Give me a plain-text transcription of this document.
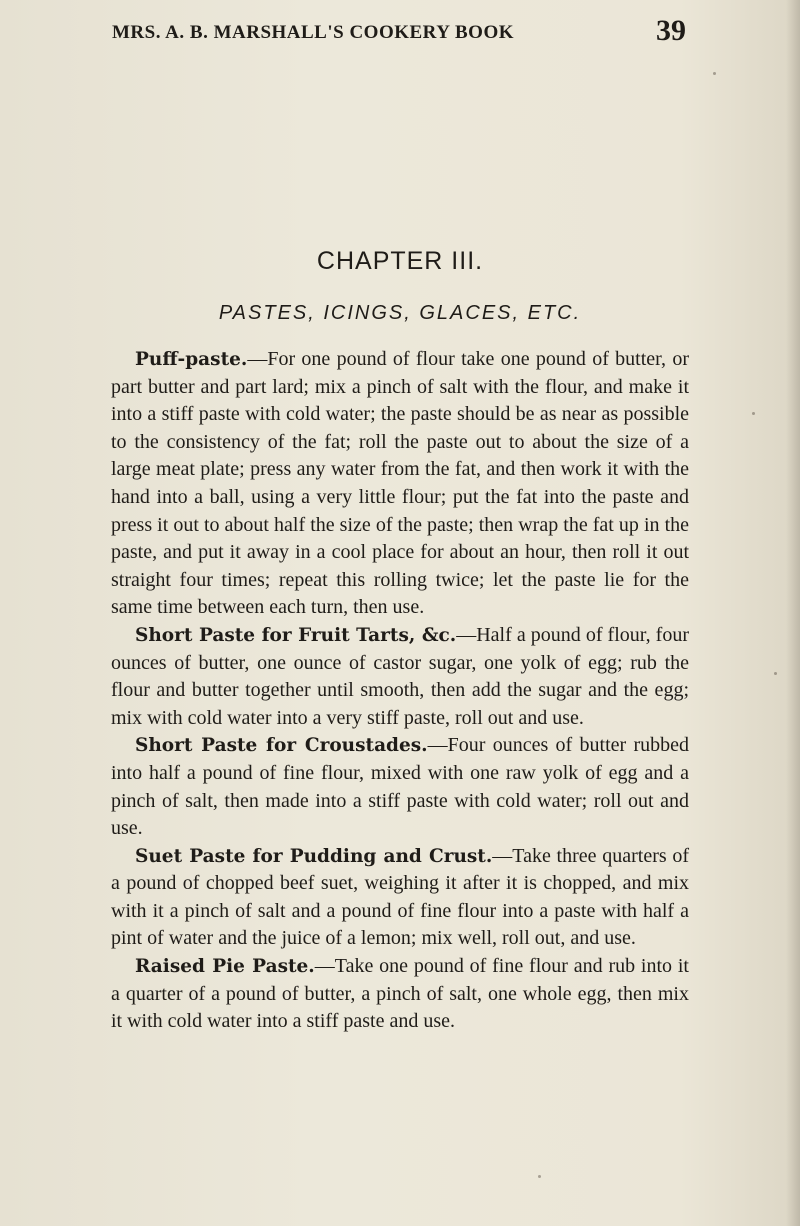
MRS. A. B. MARSHALL'S COOKERY BOOK	39
CHAPTER III.
PASTES, ICINGS, GLACES, ETC.

Puff-paste.—For one pound of flour take one pound of butter, or part butter and part lard; mix a pinch of salt with the flour, and make it into a stiff paste with cold water; the paste should be as near as possible to the consistency of the fat; roll the paste out to about the size of a large meat plate; press any water from the fat, and then work it with the hand into a ball, using a very little flour; put the fat into the paste and press it out to about half the size of the paste; then wrap the fat up in the paste, and put it away in a cool place for about an hour, then roll it out straight four times; repeat this rolling twice; let the paste lie for the same time between each turn, then use.

Short Paste for Fruit Tarts, &c.—Half a pound of flour, four ounces of butter, one ounce of castor sugar, one yolk of egg; rub the flour and butter together until smooth, then add the sugar and the egg; mix with cold water into a very stiff paste, roll out and use.

Short Paste for Croustades.—Four ounces of butter rubbed into half a pound of fine flour, mixed with one raw yolk of egg and a pinch of salt, then made into a stiff paste with cold water; roll out and use.

Suet Paste for Pudding and Crust.—Take three quarters of a pound of chopped beef suet, weighing it after it is chopped, and mix with it a pinch of salt and a pound of fine flour into a paste with half a pint of water and the juice of a lemon; mix well, roll out, and use.

Raised Pie Paste.—Take one pound of fine flour and rub into it a quarter of a pound of butter, a pinch of salt, one whole egg, then mix it with cold water into a stiff paste and use.
